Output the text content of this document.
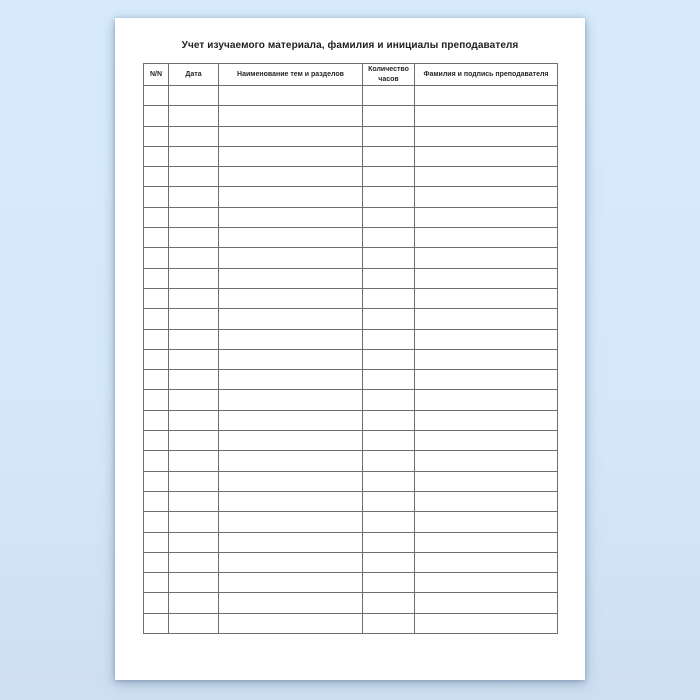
Учет изучаемого материала, фамилия и инициалы преподавателя
N/N	Дата	Наименование тем и разделов	Количество часов	Фамилия и подпись преподавателя
